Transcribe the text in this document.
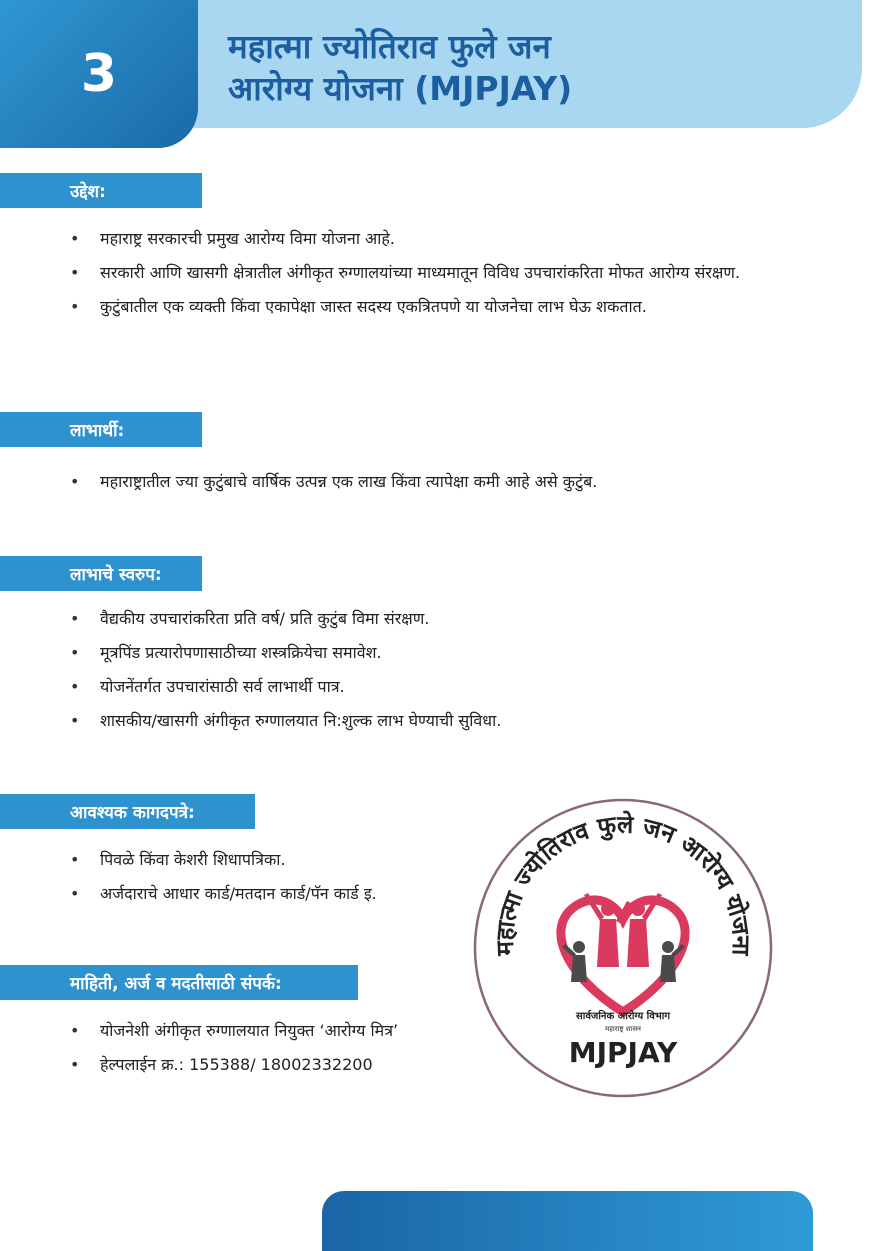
3	महात्मा ज्योतिराव फुले जन
आरोग्य योजना (MJPJAY)
उद्देश:
• महाराष्ट्र सरकारची प्रमुख आरोग्य विमा योजना आहे.
• सरकारी आणि खासगी क्षेत्रातील अंगीकृत रुग्णालयांच्या माध्यमातून विविध उपचारांकरिता मोफत आरोग्य संरक्षण.
• कुटुंबातील एक व्यक्ती किंवा एकापेक्षा जास्त सदस्य एकत्रितपणे या योजनेचा लाभ घेऊ शकतात.
लाभार्थी:
• महाराष्ट्रातील ज्या कुटुंबाचे वार्षिक उत्पन्न एक लाख किंवा त्यापेक्षा कमी आहे असे कुटुंब.
लाभाचे स्वरुप:
• वैद्यकीय उपचारांकरिता प्रति वर्ष/ प्रति कुटुंब विमा संरक्षण.
• मूत्रपिंड प्रत्यारोपणासाठीच्या शस्त्रक्रियेचा समावेश.
• योजनेंतर्गत उपचारांसाठी सर्व लाभार्थी पात्र.
• शासकीय/खासगी अंगीकृत रुग्णालयात नि:शुल्क लाभ घेण्याची सुविधा.
आवश्यक कागदपत्रे:
• पिवळे किंवा केशरी शिधापत्रिका.
• अर्जदाराचे आधार कार्ड/मतदान कार्ड/पॅन कार्ड इ.
माहिती, अर्ज व मदतीसाठी संपर्क:
• योजनेशी अंगीकृत रुग्णालयात नियुक्त ‘आरोग्य मित्र’
• हेल्पलाईन क्र.: 155388/ 18002332200
महात्मा ज्योतिराव फुले जन आरोग्य योजना
सार्वजनिक आरोग्य विभाग
महाराष्ट्र शासन
MJPJAY
